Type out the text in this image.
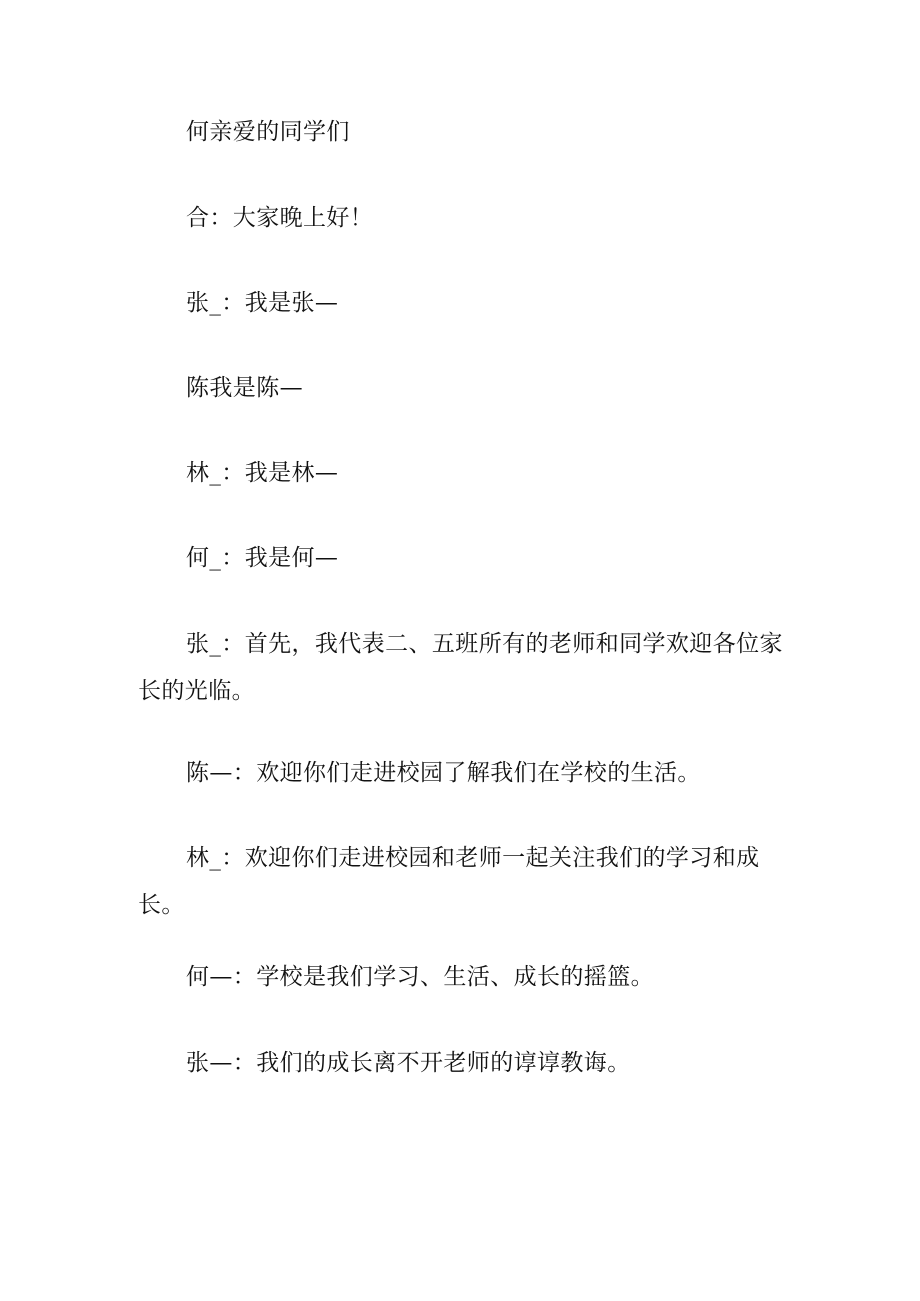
何亲爱的同学们

合：大家晚上好！

张_：我是张—

陈我是陈—

林_：我是林—

何_：我是何—

张_：首先，我代表二、五班所有的老师和同学欢迎各位家长的光临。

陈—：欢迎你们走进校园了解我们在学校的生活。

林_：欢迎你们走进校园和老师一起关注我们的学习和成长。

何—：学校是我们学习、生活、成长的摇篮。

张—：我们的成长离不开老师的谆谆教诲。
